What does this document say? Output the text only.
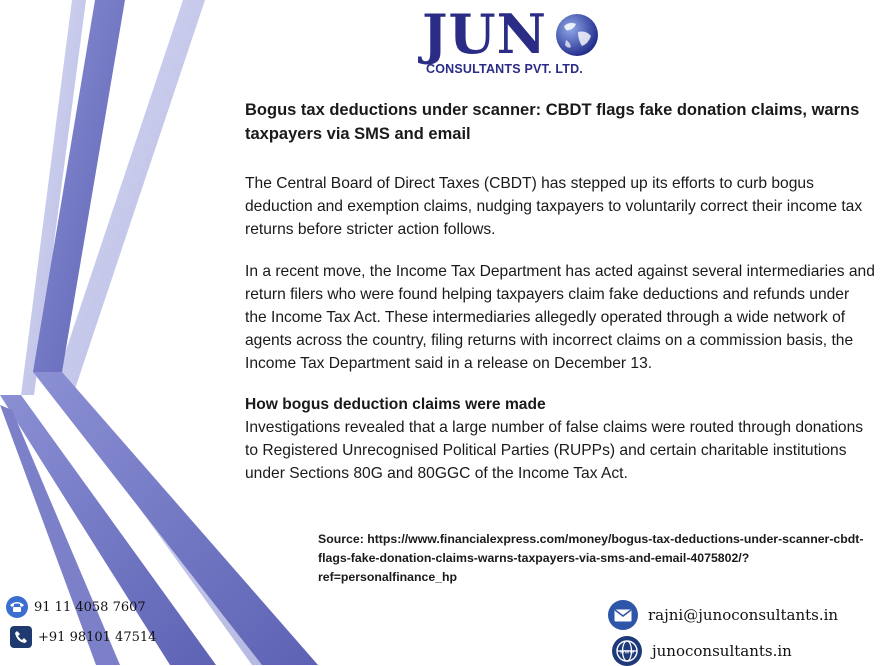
JUN
CONSULTANTS PVT. LTD.

Bogus tax deductions under scanner: CBDT flags fake donation claims, warns taxpayers via SMS and email

The Central Board of Direct Taxes (CBDT) has stepped up its efforts to curb bogus deduction and exemption claims, nudging taxpayers to voluntarily correct their income tax returns before stricter action follows.

In a recent move, the Income Tax Department has acted against several intermediaries and return filers who were found helping taxpayers claim fake deductions and refunds under the Income Tax Act. These intermediaries allegedly operated through a wide network of agents across the country, filing returns with incorrect claims on a commission basis, the Income Tax Department said in a release on December 13.

How bogus deduction claims were made

Investigations revealed that a large number of false claims were routed through donations to Registered Unrecognised Political Parties (RUPPs) and certain charitable institutions under Sections 80G and 80GGC of the Income Tax Act.

Source: https://www.financialexpress.com/money/bogus-tax-deductions-under-scanner-cbdt-flags-fake-donation-claims-warns-taxpayers-via-sms-and-email-4075802/?ref=personalfinance_hp
91 11 4058 7607
+91 98101 47514
rajni@junoconsultants.in
www junoconsultants.in
